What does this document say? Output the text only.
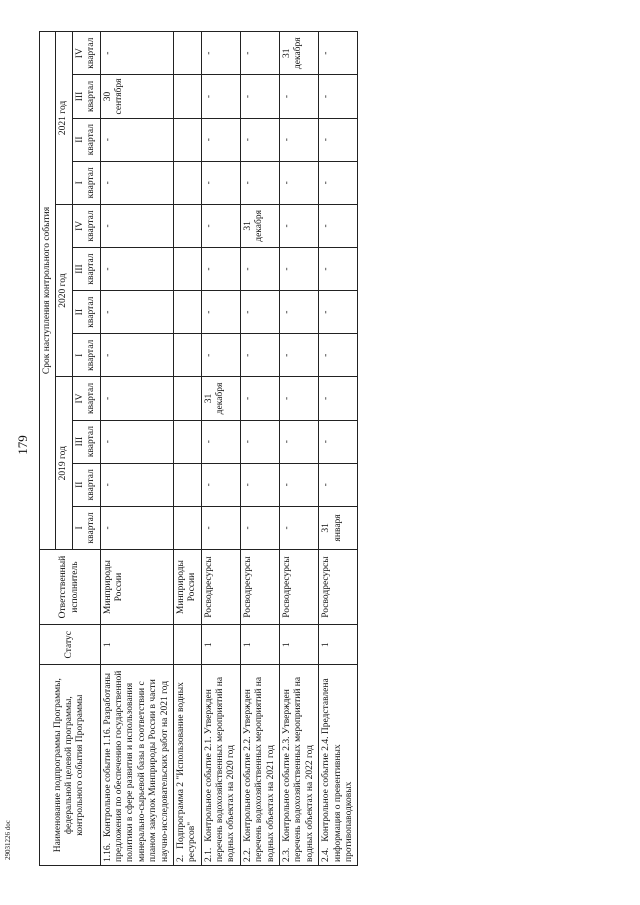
179
29031226 doc	Наименование подпрограммы Программы, федеральной целевой программы, контрольного события Программы	Статус	Ответственный исполнитель	Срок наступления контрольного события											
			2019 год				2020 год				2021 год			
			I квартал	II квартал	III квартал	IV квартал	I квартал	II квартал	III квартал	IV квартал	I квартал	II квартал	III квартал	IV квартал
1.16.Контрольное событие 1.16. Разработаны предложения по обеспечению государственной политики в сфере развития и использования минерально-сырьевой базы в соответствии с планом закупок Минприроды России в части научно-исследовательских работ на 2021 год	1	Минприроды России	-	-	-	-	-	-	-	-	-	-	30 сентября	-
2.Подпрограмма 2 "Использование водных ресурсов"		Минприроды России												
2.1.Контрольное событие 2.1. Утвержден перечень водохозяйственных мероприятий на водных объектах на 2020 год	1	Росводресурсы	-	-	-	31 декабря	-	-	-	-	-	-	-	-
2.2.Контрольное событие 2.2. Утвержден перечень водохозяйственных мероприятий на водных объектах на 2021 год	1	Росводресурсы	-	-	-	-	-	-	-	31 декабря	-	-	-	-
2.3.Контрольное событие 2.3. Утвержден перечень водохозяйственных мероприятий на водных объектах на 2022 год	1	Росводресурсы	-	-	-	-	-	-	-	-	-	-	-	31 декабря
2.4.Контрольное событие 2.4. Представлена информация о превентивных противопаводковых	1	Росводресурсы	31 января	-	-	-	-	-	-	-	-	-	-	-
